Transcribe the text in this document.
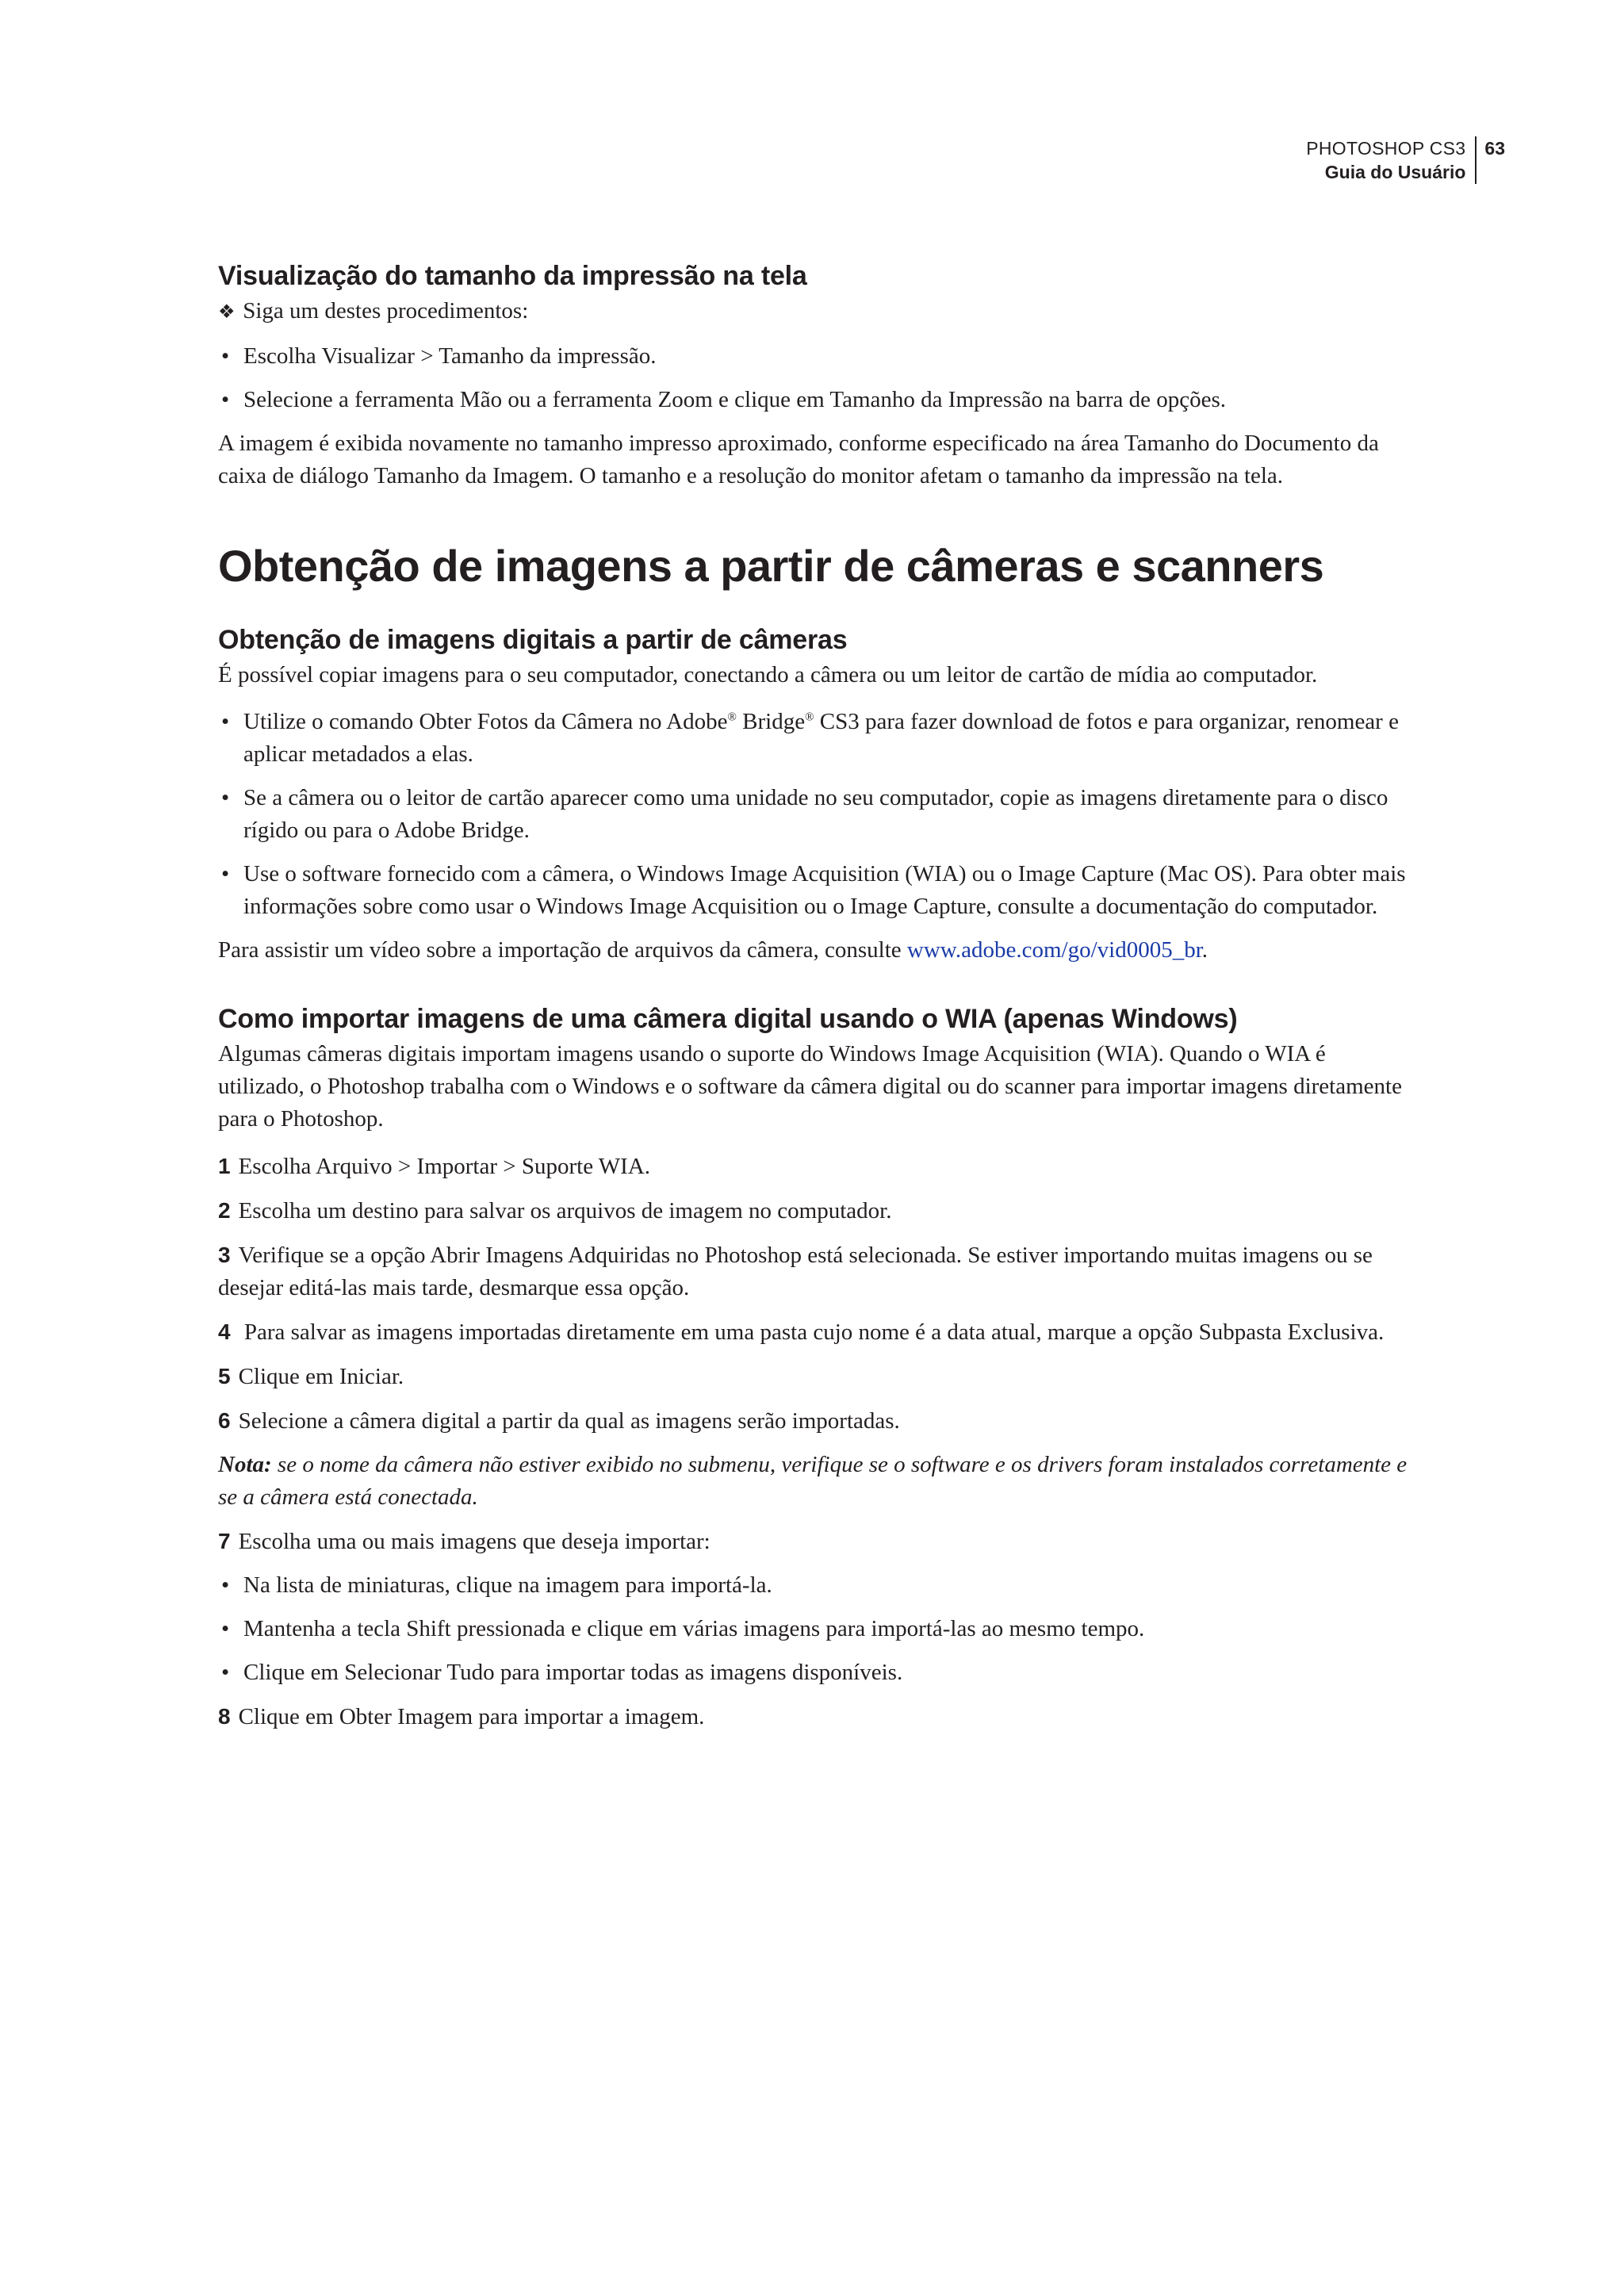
PHOTOSHOP CS3
Guia do Usuário
63
Visualização do tamanho da impressão na tela

❖ Siga um destes procedimentos:

• Escolha Visualizar > Tamanho da impressão.
• Selecione a ferramenta Mão ou a ferramenta Zoom e clique em Tamanho da Impressão na barra de opções.

A imagem é exibida novamente no tamanho impresso aproximado, conforme especificado na área Tamanho do Documento da caixa de diálogo Tamanho da Imagem. O tamanho e a resolução do monitor afetam o tamanho da impressão na tela.

Obtenção de imagens a partir de câmeras e scanners
Obtenção de imagens digitais a partir de câmeras

É possível copiar imagens para o seu computador, conectando a câmera ou um leitor de cartão de mídia ao computador.

• Utilize o comando Obter Fotos da Câmera no Adobe® Bridge® CS3 para fazer download de fotos e para organizar, renomear e aplicar metadados a elas.
• Se a câmera ou o leitor de cartão aparecer como uma unidade no seu computador, copie as imagens diretamente para o disco rígido ou para o Adobe Bridge.
• Use o software fornecido com a câmera, o Windows Image Acquisition (WIA) ou o Image Capture (Mac OS). Para obter mais informações sobre como usar o Windows Image Acquisition ou o Image Capture, consulte a documentação do computador.

Para assistir um vídeo sobre a importação de arquivos da câmera, consulte www.adobe.com/go/vid0005_br.

Como importar imagens de uma câmera digital usando o WIA (apenas Windows)

Algumas câmeras digitais importam imagens usando o suporte do Windows Image Acquisition (WIA). Quando o WIA é utilizado, o Photoshop trabalha com o Windows e o software da câmera digital ou do scanner para importar imagens diretamente para o Photoshop.

1 Escolha Arquivo > Importar > Suporte WIA.

2 Escolha um destino para salvar os arquivos de imagem no computador.

3 Verifique se a opção Abrir Imagens Adquiridas no Photoshop está selecionada. Se estiver importando muitas imagens ou se desejar editá-las mais tarde, desmarque essa opção.

4 Para salvar as imagens importadas diretamente em uma pasta cujo nome é a data atual, marque a opção Subpasta Exclusiva.

5 Clique em Iniciar.

6 Selecione a câmera digital a partir da qual as imagens serão importadas.

Nota: se o nome da câmera não estiver exibido no submenu, verifique se o software e os drivers foram instalados corretamente e se a câmera está conectada.

7 Escolha uma ou mais imagens que deseja importar:

• Na lista de miniaturas, clique na imagem para importá-la.
• Mantenha a tecla Shift pressionada e clique em várias imagens para importá-las ao mesmo tempo.
• Clique em Selecionar Tudo para importar todas as imagens disponíveis.

8 Clique em Obter Imagem para importar a imagem.
